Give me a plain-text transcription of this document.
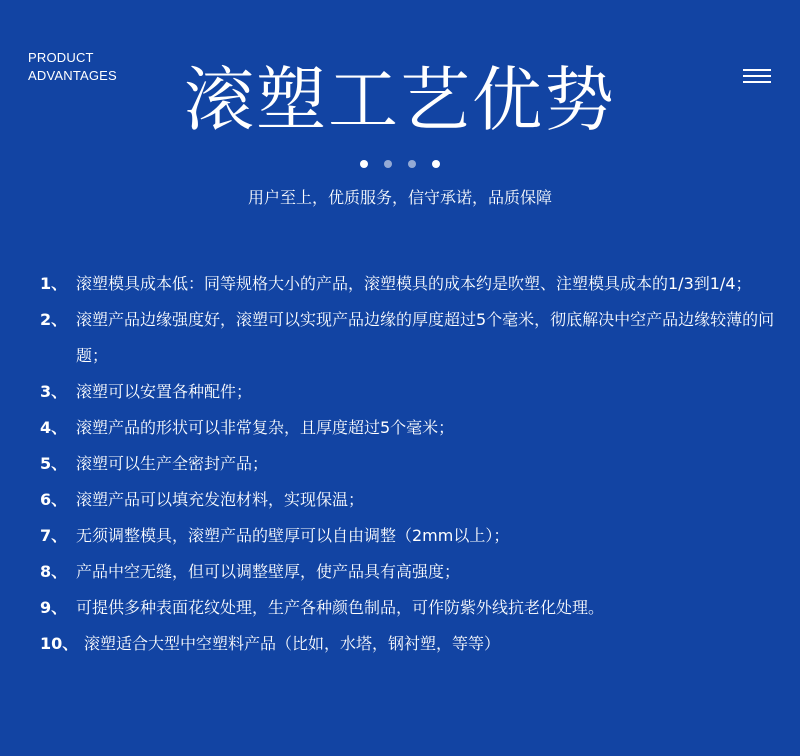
PRODUCT
ADVANTAGES 滚塑工艺优势
用户至上，优质服务，信守承诺，品质保障
1、 滚塑模具成本低：同等规格大小的产品，滚塑模具的成本约是吹塑、注塑模具成本的1/3到1/4；
2、 滚塑产品边缘强度好，滚塑可以实现产品边缘的厚度超过5个毫米，彻底解决中空产品边缘较薄的问题；
3、 滚塑可以安置各种配件；
4、 滚塑产品的形状可以非常复杂，且厚度超过5个毫米；
5、 滚塑可以生产全密封产品；
6、 滚塑产品可以填充发泡材料，实现保温；
7、 无须调整模具，滚塑产品的壁厚可以自由调整（2mm以上）；
8、 产品中空无缝，但可以调整壁厚，使产品具有高强度；
9、 可提供多种表面花纹处理，生产各种颜色制品，可作防紫外线抗老化处理。
10、 滚塑适合大型中空塑料产品（比如，水塔，钢衬塑，等等）
